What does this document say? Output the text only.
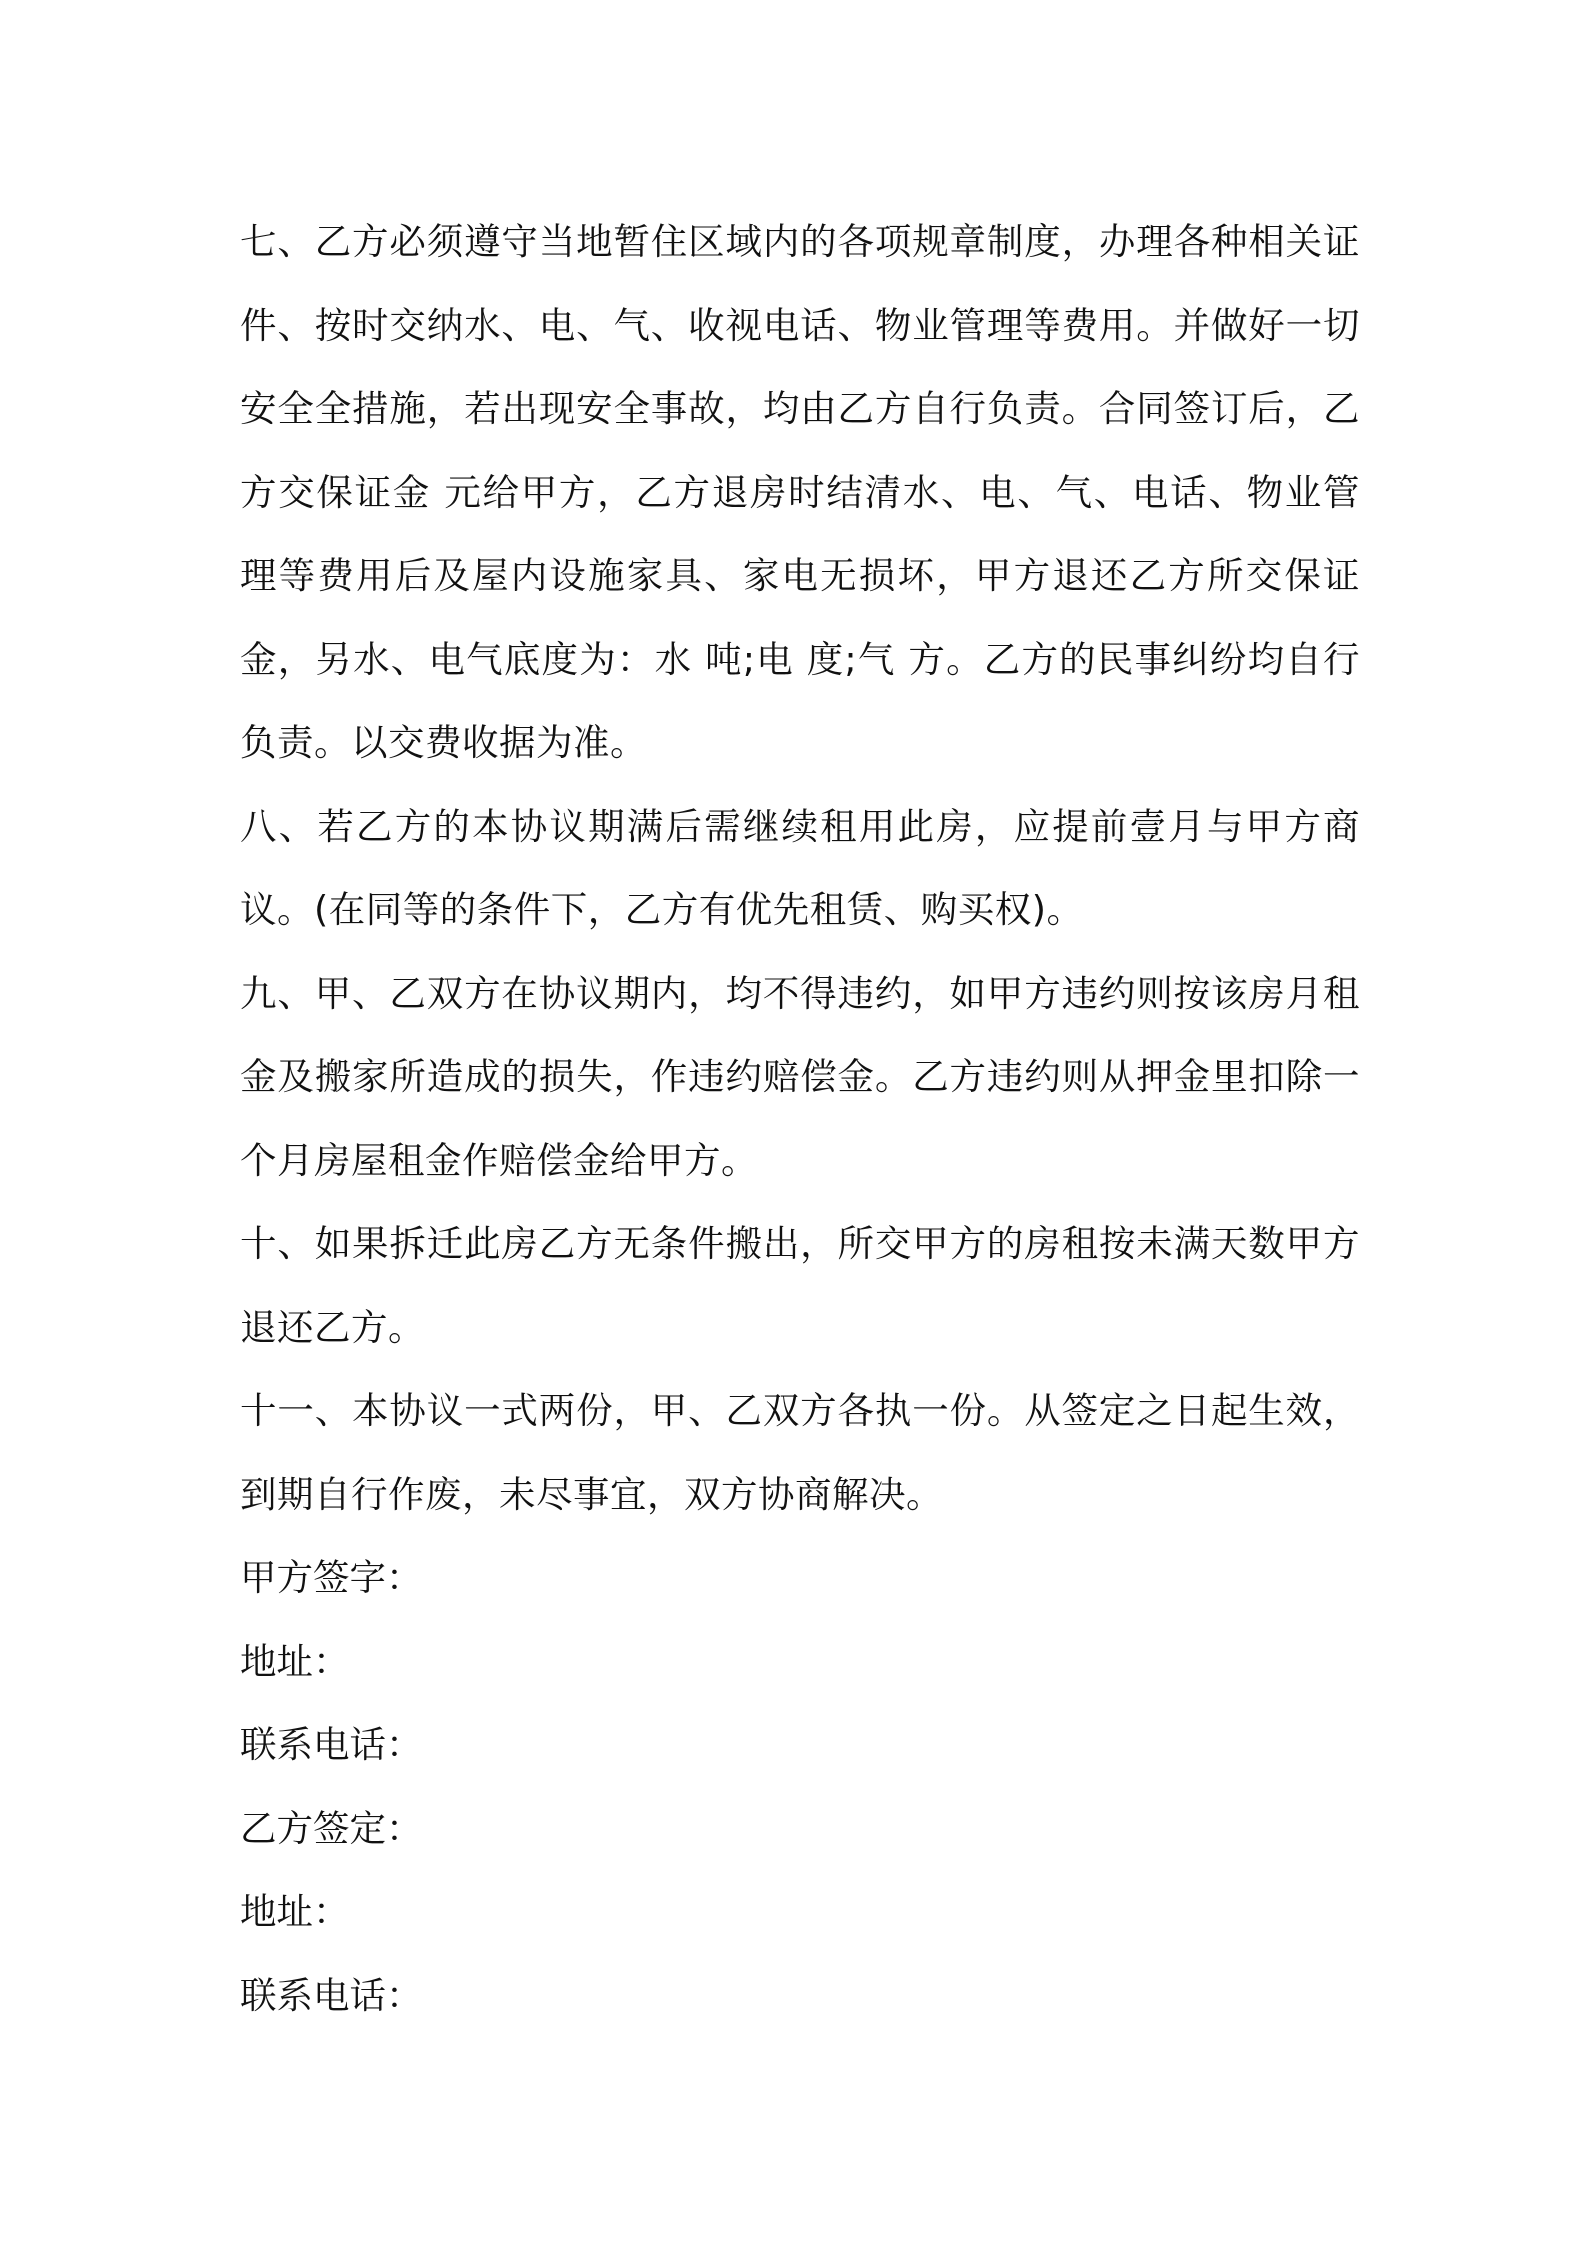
七、乙方必须遵守当地暂住区域内的各项规章制度，办理各种相关证件、按时交纳水、电、气、收视电话、物业管理等费用。并做好一切安全全措施，若出现安全事故，均由乙方自行负责。合同签订后，乙方交保证金 元给甲方，乙方退房时结清水、电、气、电话、物业管理等费用后及屋内设施家具、家电无损坏，甲方退还乙方所交保证金，另水、电气底度为：水 吨;电 度;气 方。乙方的民事纠纷均自行负责。以交费收据为准。

八、若乙方的本协议期满后需继续租用此房，应提前壹月与甲方商议。(在同等的条件下，乙方有优先租赁、购买权)。

九、甲、乙双方在协议期内，均不得违约，如甲方违约则按该房月租金及搬家所造成的损失，作违约赔偿金。乙方违约则从押金里扣除一个月房屋租金作赔偿金给甲方。

十、如果拆迁此房乙方无条件搬出，所交甲方的房租按未满天数甲方退还乙方。

十一、本协议一式两份，甲、乙双方各执一份。从签定之日起生效，到期自行作废，未尽事宜，双方协商解决。

甲方签字：

地址：

联系电话：

乙方签定：

地址：

联系电话：
